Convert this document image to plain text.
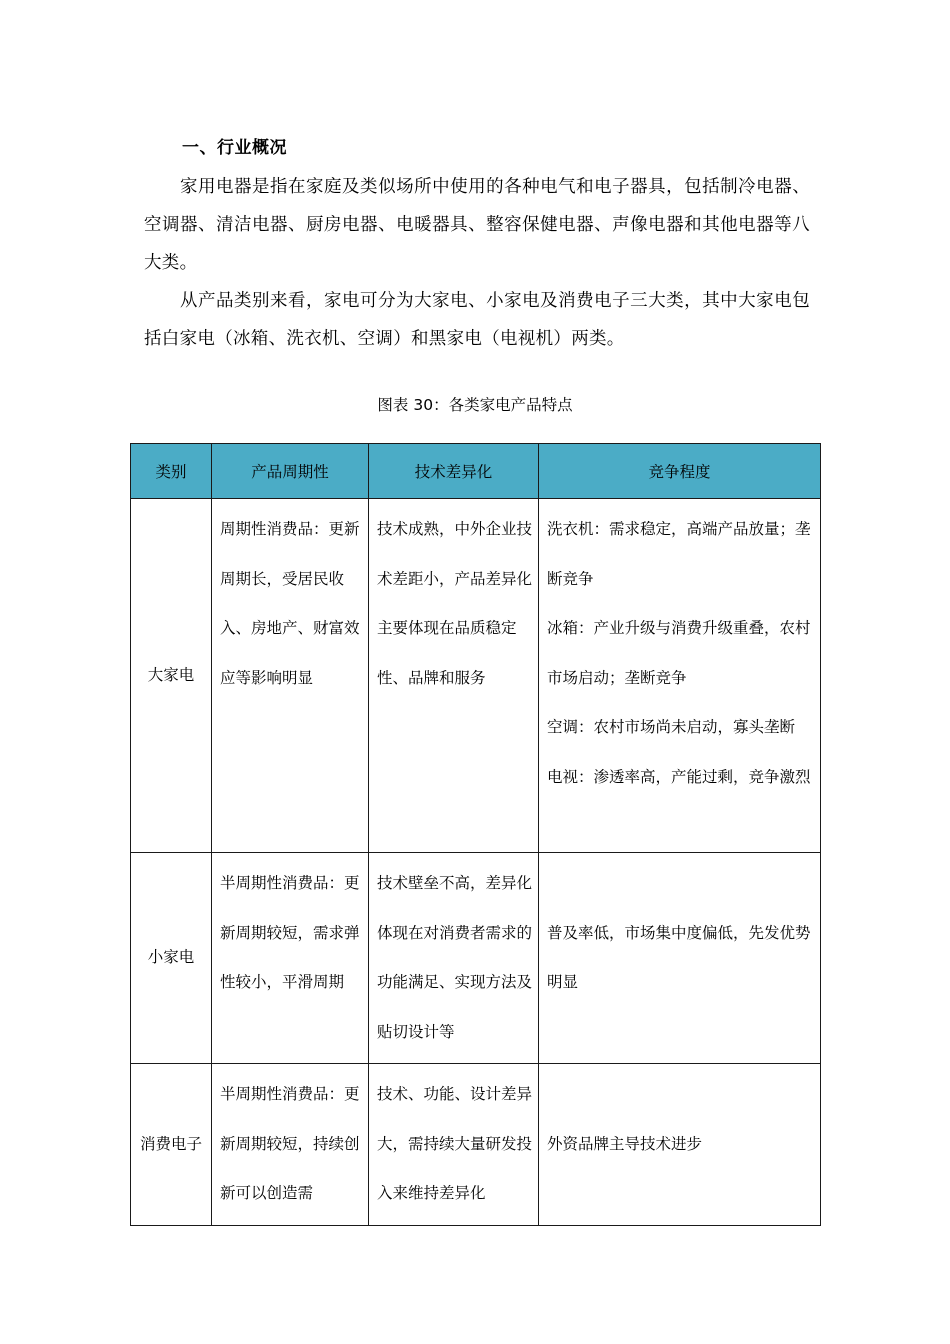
一、行业概况

家用电器是指在家庭及类似场所中使用的各种电气和电子器具，包括制冷电器、空调器、清洁电器、厨房电器、电暖器具、整容保健电器、声像电器和其他电器等八大类。

从产品类别来看，家电可分为大家电、小家电及消费电子三大类，其中大家电包括白家电（冰箱、洗衣机、空调）和黑家电（电视机）两类。

图表 30：各类家电产品特点
类别	产品周期性	技术差异化	竞争程度
大家电	周期性消费品：更新周期长，受居民收入、房地产、财富效应等影响明显	技术成熟，中外企业技术差距小，产品差异化主要体现在品质稳定性、品牌和服务	洗衣机：需求稳定，高端产品放量；垄断竞争
冰箱：产业升级与消费升级重叠，农村市场启动；垄断竞争
空调：农村市场尚未启动，寡头垄断
电视：渗透率高，产能过剩，竞争激烈

小家电	半周期性消费品：更新周期较短，需求弹性较小，平滑周期	技术壁垒不高，差异化体现在对消费者需求的功能满足、实现方法及贴切设计等	普及率低，市场集中度偏低，先发优势明显

消费电子	半周期性消费品：更新周期较短，持续创新可以创造需	技术、功能、设计差异大，需持续大量研发投入来维持差异化	外资品牌主导技术进步
